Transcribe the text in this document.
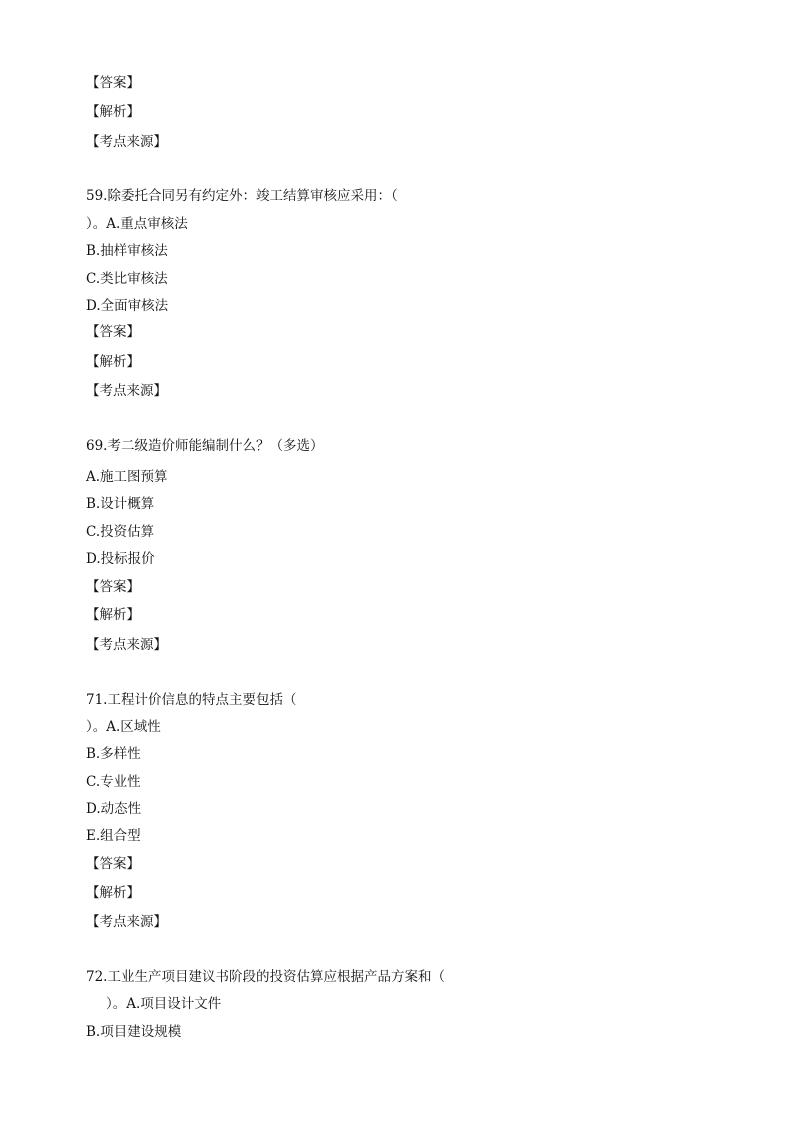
【答案】
【解析】
【考点来源】
59.除委托合同另有约定外：竣工结算审核应采用：（
）。A.重点审核法
B.抽样审核法
C.类比审核法
D.全面审核法
【答案】
【解析】
【考点来源】
69.考二级造价师能编制什么？（多选）
A.施工图预算
B.设计概算
C.投资估算
D.投标报价
【答案】
【解析】
【考点来源】
71.工程计价信息的特点主要包括（
）。A.区域性
B.多样性
C.专业性
D.动态性
E.组合型
【答案】
【解析】
【考点来源】
72.工业生产项目建议书阶段的投资估算应根据产品方案和（
）。A.项目设计文件
B.项目建设规模
